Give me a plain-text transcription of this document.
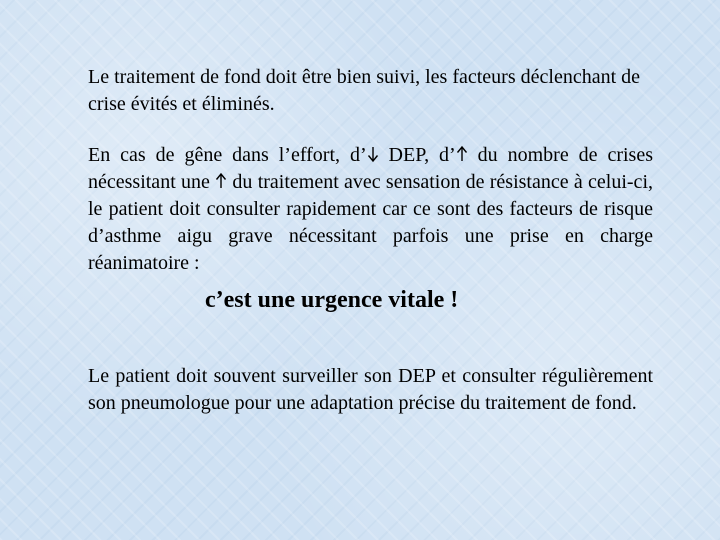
Le traitement de fond doit être bien suivi, les facteurs déclenchant de crise évités et éliminés.

En cas de gêne dans l’effort, d’ DEP, d’ du nombre de crises nécessitant une  du traitement avec sensation de résistance à celui-ci, le patient doit consulter rapidement car ce sont des facteurs de risque d’asthme aigu grave nécessitant parfois une prise en charge réanimatoire :

c’est une urgence vitale !

Le patient doit souvent surveiller son DEP et consulter régulièrement son pneumologue pour une adaptation précise du traitement de fond.
